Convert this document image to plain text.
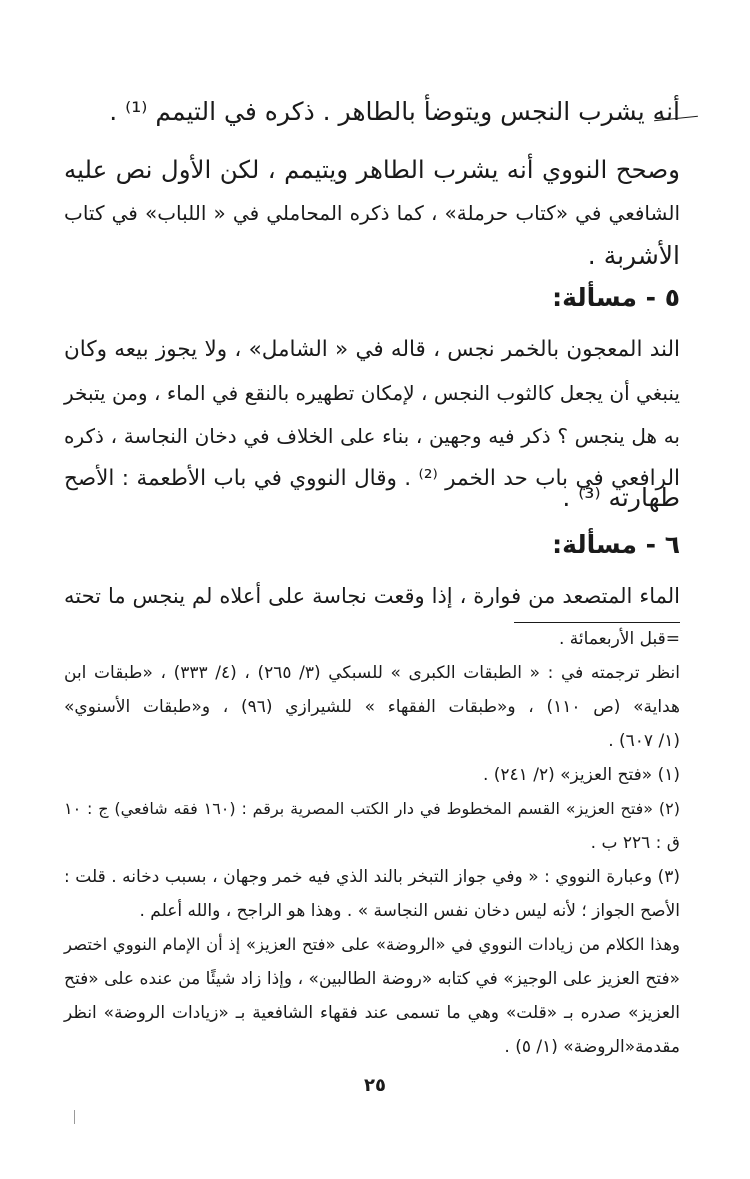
أنه يشرب النجس ويتوضأ بالطاهر . ذكره في التيمم ⁽¹⁾ .

وصحح النووي أنه يشرب الطاهر ويتيمم ، لكن الأول نص عليه

الشافعي في «كتاب حرملة» ، كما ذكره المحاملي في « اللباب» في كتاب

الأشربة .

٥ - مسألة:

الند المعجون بالخمر نجس ، قاله في « الشامل» ، ولا يجوز بيعه وكان

ينبغي أن يجعل كالثوب النجس ، لإمكان تطهيره بالنقع في الماء ، ومن يتبخر

به هل ينجس ؟ ذكر فيه وجهين ، بناء على الخلاف في دخان النجاسة ، ذكره

الرافعي في باب حد الخمر ⁽²⁾ . وقال النووي في باب الأطعمة : الأصح

طهارته ⁽³⁾ .

٦ - مسألة:

الماء المتصعد من فوارة ، إذا وقعت نجاسة على أعلاه لم ينجس ما تحته

=قبل الأربعمائة .

انظر ترجمته في : « الطبقات الكبرى » للسبكي (٣/ ٢٦٥) ، (٤/ ٣٣٣) ، «طبقات ابن

هداية» (ص ١١٠) ، و«طبقات الفقهاء » للشيرازي (٩٦) ، و«طبقات الأسنوي»

(١/ ٦٠٧) .

(١) «فتح العزيز» (٢/ ٢٤١) .

(٢) «فتح العزيز» القسم المخطوط في دار الكتب المصرية برقم : (١٦٠ فقه شافعي) ج : ١٠

ق : ٢٢٦ ب .

(٣) وعبارة النووي : « وفي جواز التبخر بالند الذي فيه خمر وجهان ، بسبب دخانه . قلت :

الأصح الجواز ؛ لأنه ليس دخان نفس النجاسة » . وهذا هو الراجح ، والله أعلم .

وهذا الكلام من زيادات النووي في «الروضة» على «فتح العزيز» إذ أن الإمام النووي اختصر

«فتح العزيز على الوجيز» في كتابه «روضة الطالبين» ، وإذا زاد شيئًا من عنده على «فتح

العزيز» صدره بـ «قلت» وهي ما تسمى عند فقهاء الشافعية بـ «زيادات الروضة» انظر

مقدمة«الروضة» (١/ ٥) .

٢٥
